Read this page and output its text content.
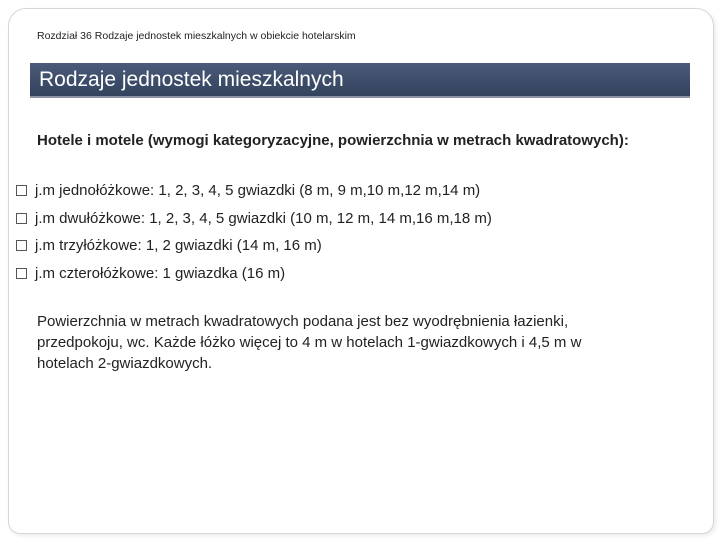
Rozdział 36 Rodzaje jednostek mieszkalnych w obiekcie hotelarskim
Rodzaje jednostek mieszkalnych
Hotele i motele (wymogi kategoryzacyjne, powierzchnia w metrach kwadratowych):
j.m jednołóżkowe: 1, 2, 3, 4, 5 gwiazdki (8 m, 9 m,10 m,12 m,14 m)
j.m dwułóżkowe: 1, 2, 3, 4, 5 gwiazdki (10 m, 12 m, 14 m,16 m,18 m)
j.m trzyłóżkowe: 1, 2 gwiazdki (14 m, 16 m)
j.m czterołóżkowe: 1 gwiazdka (16 m)
Powierzchnia w metrach kwadratowych podana jest bez wyodrębnienia łazienki, przedpokoju, wc. Każde łóżko więcej to 4 m w hotelach 1-gwiazdkowych i 4,5 m w hotelach 2-gwiazdkowych.
